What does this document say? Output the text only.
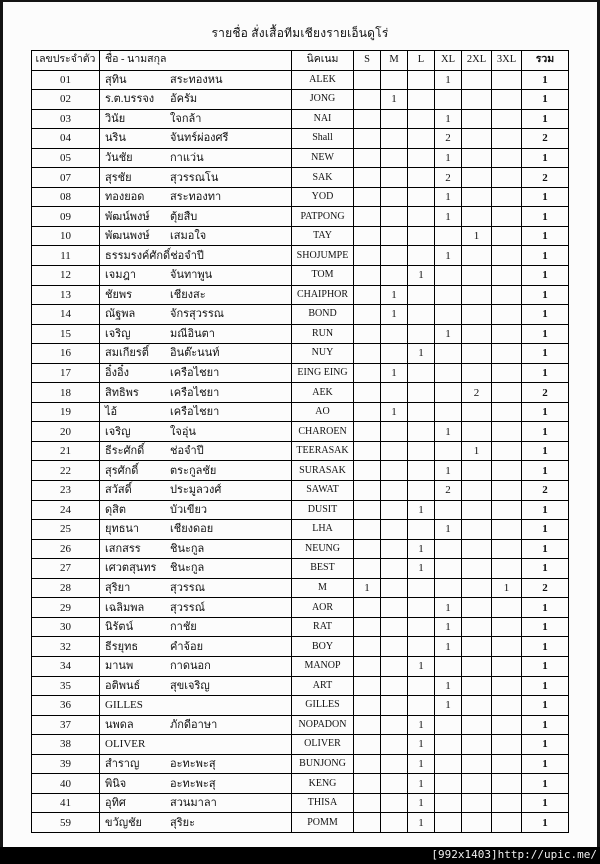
รายชื่อ สั่งเสื้อทีมเชียงรายเอ็นดูโร่
เลขประจำตัว	ชื่อ - นามสกุล	นิคเนม	S	M	L	XL	2XL	3XL	รวม
01	สุทิน สระทองหน	ALEK				1			1
02	ร.ต.บรรจง อัครัม	JONG		1					1
03	วินัย ใจกล้า	NAI				1			1
04	นริน จันทร์ผ่องศรี	Shall				2			2
05	วันชัย กาแว่น	NEW				1			1
07	สุรชัย สุวรรณโน	SAK				2			2
08	ทองยอด สระทองทา	YOD				1			1
09	พัฒน์พงษ์ ตุ้ยสืบ	PATPONG				1			1
10	พัฒนพงษ์ เสมอใจ	TAY					1		1
11	ธรรมรงค์ศักดิ์ช่อจำปี	SHOJUMPE				1			1
12	เจมฎา จันทาพูน	TOM			1				1
13	ชัยพร เชียงสะ	CHAIPHOR		1					1
14	ณัฐพล จักรสุวรรณ	BOND		1					1
15	เจริญ มณีอินตา	RUN				1			1
16	สมเกียรติ์ อินต๊ะนนท์	NUY			1				1
17	อิ๋งอิ๋ง เครือไชยา	EING EING		1					1
18	สิทธิพร เครือไชยา	AEK					2		2
19	ไอ้ เครือไชยา	AO		1					1
20	เจริญ ใจอุ่น	CHAROEN				1			1
21	ธีระศักดิ์ ช่อจำปี	TEERASAK					1		1
22	สุรศักดิ์ ตระกูลชัย	SURASAK				1			1
23	สวัสดิ์ ประมูลวงศ์	SAWAT				2			2
24	ดุสิต บัวเขียว	DUSIT			1				1
25	ยุทธนา เชียงดอย	LHA				1			1
26	เสกสรร ชินะกูล	NEUNG			1				1
27	เศวตสุนทร ชินะกูล	BEST			1				1
28	สุริยา สุวรรณ	M	1					1	2
29	เฉลิมพล สุวรรณ์	AOR				1			1
30	นิรัตน์ กาชัย	RAT				1			1
32	ธีรยุทธ คำจ้อย	BOY				1			1
34	มานพ กาดนอก	MANOP			1				1
35	อติพนธ์ สุขเจริญ	ART				1			1
36	GILLES	GILLES				1			1
37	นพดล ภักดีอาษา	NOPADON			1				1
38	OLIVER	OLIVER			1				1
39	สำราญ อะทะพะสุ	BUNJONG			1				1
40	พินิจ อะทะพะสุ	KENG			1				1
41	อุทิศ สวนมาลา	THISA			1				1
59	ขวัญชัย สุริยะ	POMM			1				1
[992x1403]http://upic.me/
